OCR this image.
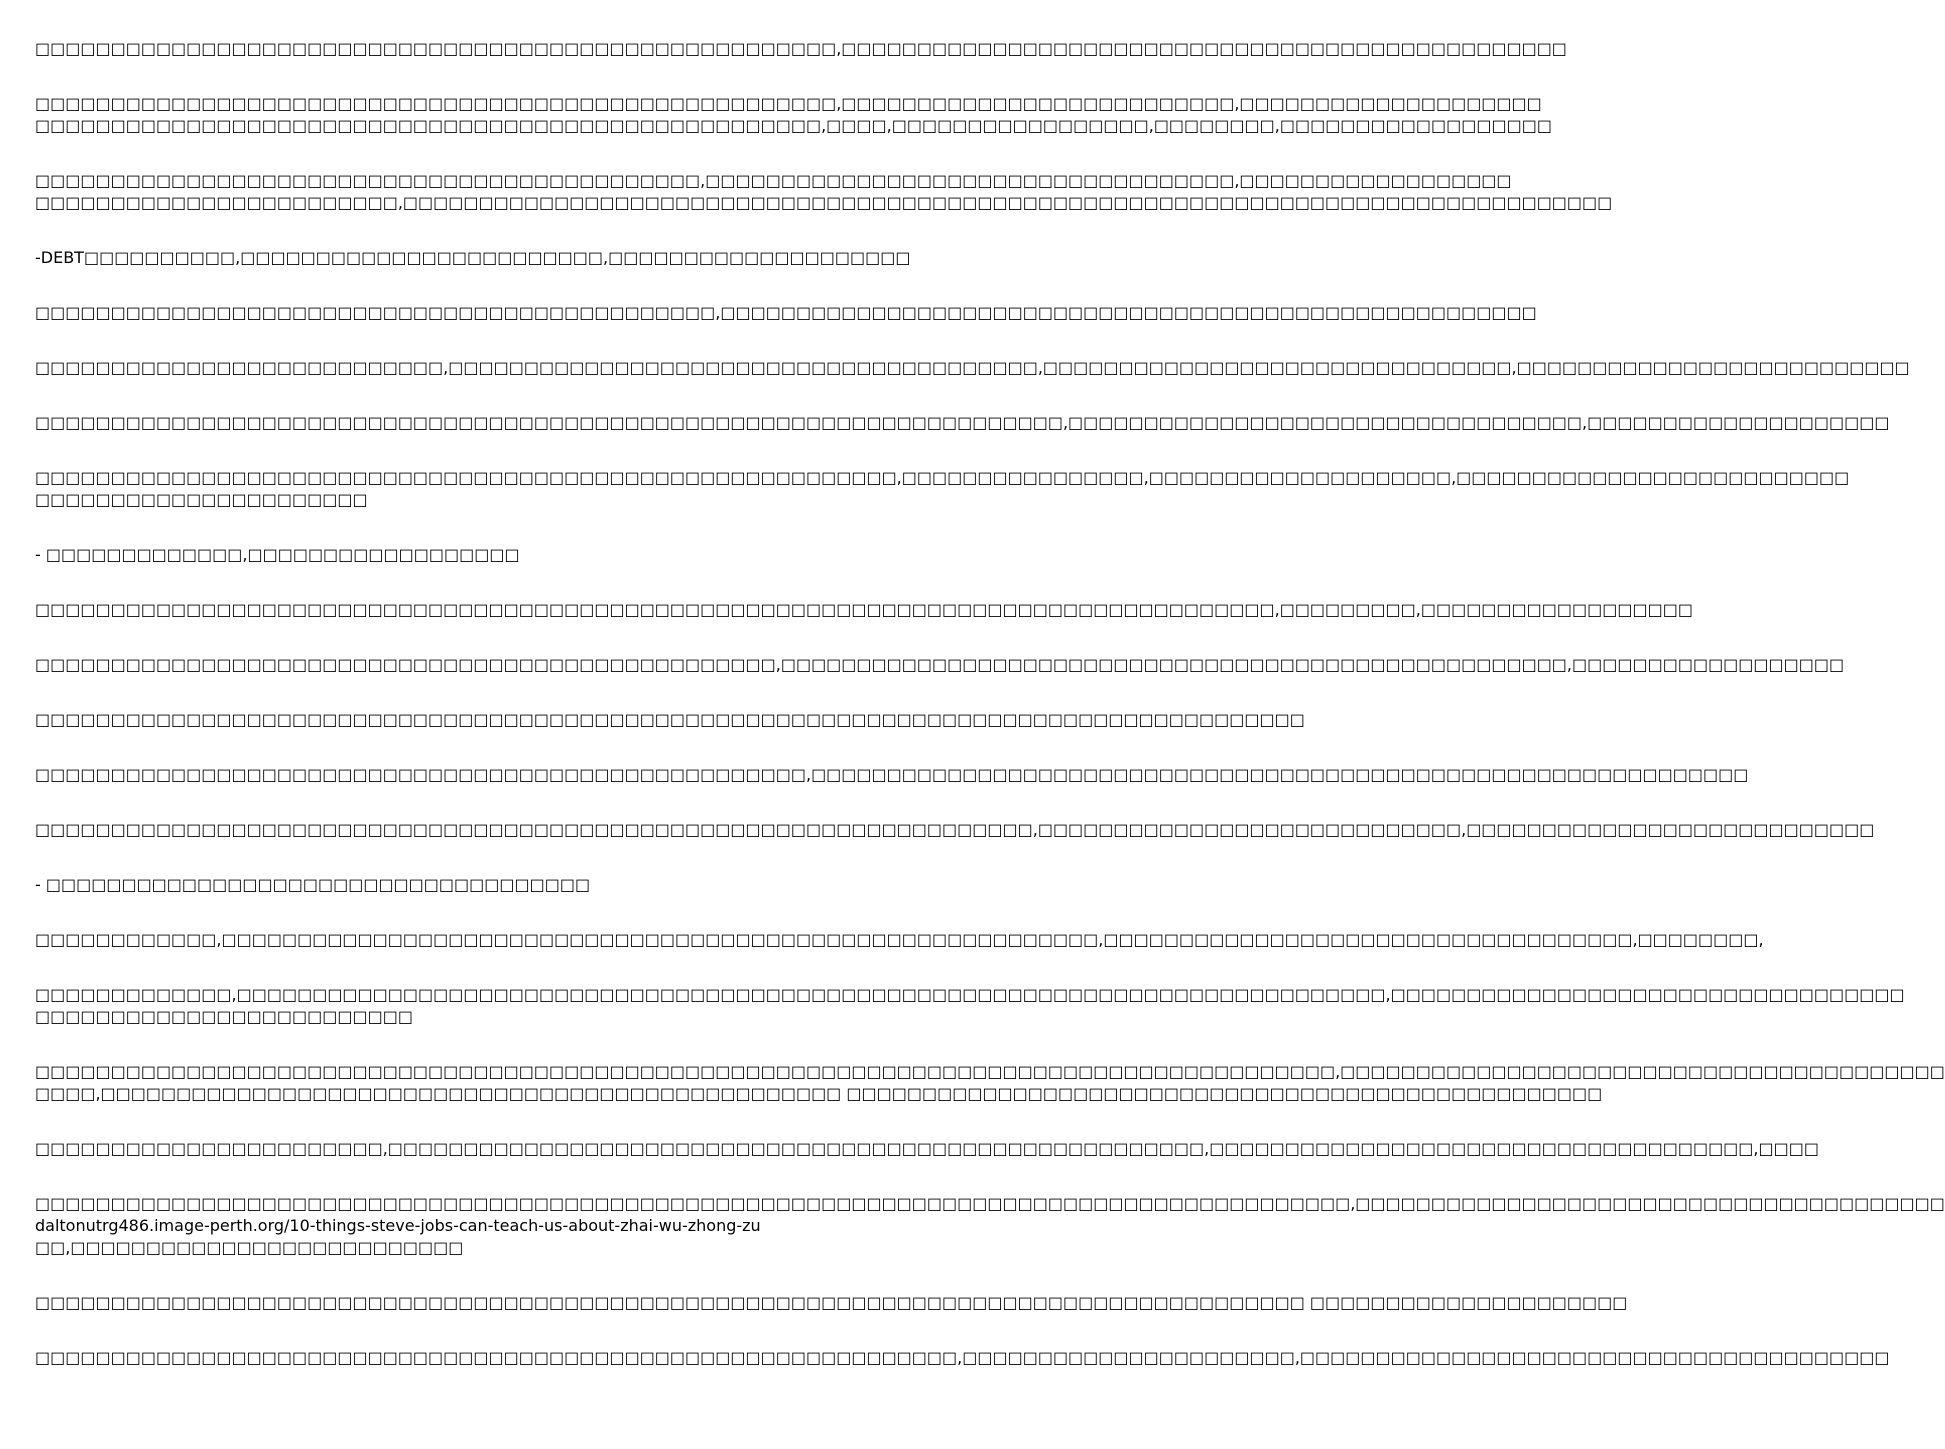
□□□□□□□□□□□□□□□□□□□□□□□□□□□□□□□□□□□□□□□□□□□□□□□□□□□□□,□□□□□□□□□□□□□□□□□□□□□□□□□□□□□□□□□□□□□□□□□□□□□□□□

□□□□□□□□□□□□□□□□□□□□□□□□□□□□□□□□□□□□□□□□□□□□□□□□□□□□□,□□□□□□□□□□□□□□□□□□□□□□□□□□,□□□□□□□□□□□□□□□□□□□□
□□□□□□□□□□□□□□□□□□□□□□□□□□□□□□□□□□□□□□□□□□□□□□□□□□□□,□□□□,□□□□□□□□□□□□□□□□□,□□□□□□□□,□□□□□□□□□□□□□□□□□□

□□□□□□□□□□□□□□□□□□□□□□□□□□□□□□□□□□□□□□□□□□□□,□□□□□□□□□□□□□□□□□□□□□□□□□□□□□□□□□□□,□□□□□□□□□□□□□□□□□□
□□□□□□□□□□□□□□□□□□□□□□□□,□□□□□□□□□□□□□□□□□□□□□□□□□□□□□□□□□□□□□□□□□□□□□□□□□□□□□□□□□□□□□□□□□□□□□□□□□□□□□□□□

-DEBT□□□□□□□□□□,□□□□□□□□□□□□□□□□□□□□□□□□,□□□□□□□□□□□□□□□□□□□□

□□□□□□□□□□□□□□□□□□□□□□□□□□□□□□□□□□□□□□□□□□□□□,□□□□□□□□□□□□□□□□□□□□□□□□□□□□□□□□□□□□□□□□□□□□□□□□□□□□□□

□□□□□□□□□□□□□□□□□□□□□□□□□□□,□□□□□□□□□□□□□□□□□□□□□□□□□□□□□□□□□□□□□□□,□□□□□□□□□□□□□□□□□□□□□□□□□□□□□□□,□□□□□□□□□□□□□□□□□□□□□□□□□□

□□□□□□□□□□□□□□□□□□□□□□□□□□□□□□□□□□□□□□□□□□□□□□□□□□□□□□□□□□□□□□□□□□□□,□□□□□□□□□□□□□□□□□□□□□□□□□□□□□□□□□□,□□□□□□□□□□□□□□□□□□□□

□□□□□□□□□□□□□□□□□□□□□□□□□□□□□□□□□□□□□□□□□□□□□□□□□□□□□□□□□,□□□□□□□□□□□□□□□□,□□□□□□□□□□□□□□□□□□□□,□□□□□□□□□□□□□□□□□□□□□□□□□□
□□□□□□□□□□□□□□□□□□□□□□

- □□□□□□□□□□□□□,□□□□□□□□□□□□□□□□□□

□□□□□□□□□□□□□□□□□□□□□□□□□□□□□□□□□□□□□□□□□□□□□□□□□□□□□□□□□□□□□□□□□□□□□□□□□□□□□□□□□□,□□□□□□□□□,□□□□□□□□□□□□□□□□□□

□□□□□□□□□□□□□□□□□□□□□□□□□□□□□□□□□□□□□□□□□□□□□□□□□,□□□□□□□□□□□□□□□□□□□□□□□□□□□□□□□□□□□□□□□□□□□□□□□□□□□□,□□□□□□□□□□□□□□□□□□

□□□□□□□□□□□□□□□□□□□□□□□□□□□□□□□□□□□□□□□□□□□□□□□□□□□□□□□□□□□□□□□□□□□□□□□□□□□□□□□□□□□□

□□□□□□□□□□□□□□□□□□□□□□□□□□□□□□□□□□□□□□□□□□□□□□□□□□□,□□□□□□□□□□□□□□□□□□□□□□□□□□□□□□□□□□□□□□□□□□□□□□□□□□□□□□□□□□□□□□

□□□□□□□□□□□□□□□□□□□□□□□□□□□□□□□□□□□□□□□□□□□□□□□□□□□□□□□□□□□□□□□□□□,□□□□□□□□□□□□□□□□□□□□□□□□□□□□,□□□□□□□□□□□□□□□□□□□□□□□□□□□

- □□□□□□□□□□□□□□□□□□□□□□□□□□□□□□□□□□□□

□□□□□□□□□□□□,□□□□□□□□□□□□□□□□□□□□□□□□□□□□□□□□□□□□□□□□□□□□□□□□□□□□□□□□□□,□□□□□□□□□□□□□□□□□□□□□□□□□□□□□□□□□□□,□□□□□□□□,

□□□□□□□□□□□□□,□□□□□□□□□□□□□□□□□□□□□□□□□□□□□□□□□□□□□□□□□□□□□□□□□□□□□□□□□□□□□□□□□□□□□□□□□□□□,□□□□□□□□□□□□□□□□□□□□□□□□□□□□□□□□□□
□□□□□□□□□□□□□□□□□□□□□□□□□

□□□□□□□□□□□□□□□□□□□□□□□□□□□□□□□□□□□□□□□□□□□□□□□□□□□□□□□□□□□□□□□□□□□□□□□□□□□□□□□□□□□□□□,□□□□□□□□□□□□□□□□□□□□□□□□□□□□□□□□□□□□□□□□
□□□□,□□□□□□□□□□□□□□□□□□□□□□□□□□□□□□□□□□□□□□□□□□□□□□□□□ □□□□□□□□□□□□□□□□□□□□□□□□□□□□□□□□□□□□□□□□□□□□□□□□□□

□□□□□□□□□□□□□□□□□□□□□□□,□□□□□□□□□□□□□□□□□□□□□□□□□□□□□□□□□□□□□□□□□□□□□□□□□□□□□□,□□□□□□□□□□□□□□□□□□□□□□□□□□□□□□□□□□□□,□□□□

□□□□□□□□□□□□□□□□□□□□□□□□□□□□□□□□□□□□□□□□□□□□□□□□□□□□□□□□□□□□□□□□□□□□□□□□□□□□□□□□□□□□□□□,□□□□□□□□□□□□□□□□□□□□□□□□□□□□□□□□□□□□□□□
daltonutrg486.image-perth.org/10-things-steve-jobs-can-teach-us-about-zhai-wu-zhong-zu
□□,□□□□□□□□□□□□□□□□□□□□□□□□□□

□□□□□□□□□□□□□□□□□□□□□□□□□□□□□□□□□□□□□□□□□□□□□□□□□□□□□□□□□□□□□□□□□□□□□□□□□□□□□□□□□□□□ □□□□□□□□□□□□□□□□□□□□□

□□□□□□□□□□□□□□□□□□□□□□□□□□□□□□□□□□□□□□□□□□□□□□□□□□□□□□□□□□□□□,□□□□□□□□□□□□□□□□□□□□□□,□□□□□□□□□□□□□□□□□□□□□□□□□□□□□□□□□□□□□□□
